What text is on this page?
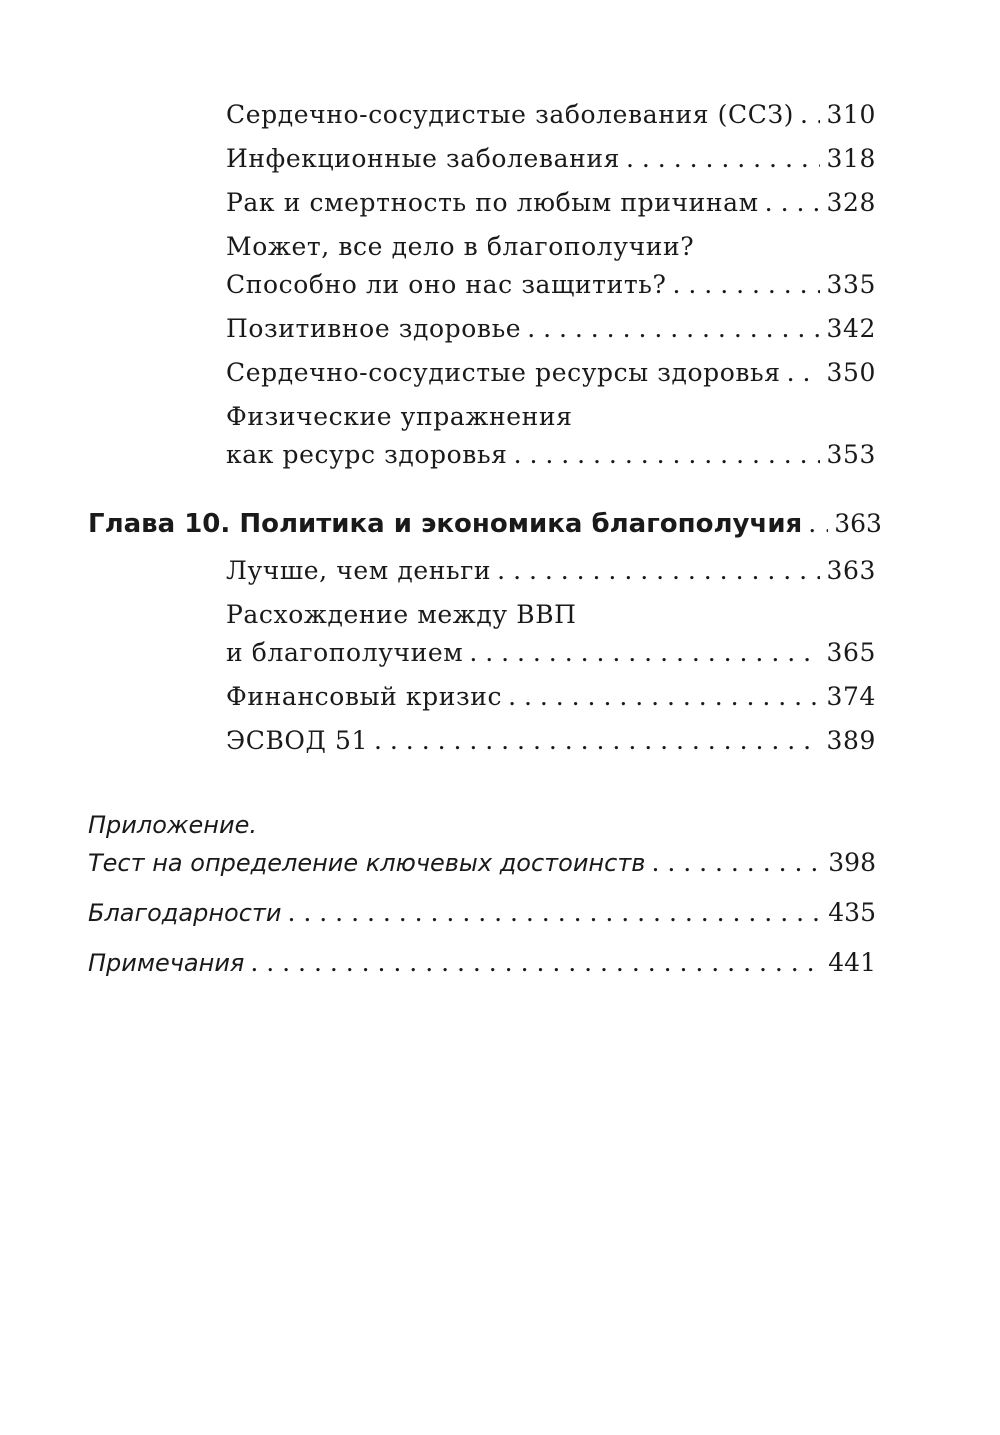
Сердечно-сосудистые заболевания (ССЗ) . . . 310
Инфекционные заболевания . . .	318
Рак и смертность по любым причинам . . .	328
Может, все дело в благополучии?
Способно ли оно нас защитить? . . .	335
Позитивное здоровье . . .	342
Сердечно-сосудистые ресурсы здоровья . . . 350
Физические упражнения
как ресурс здоровья . . .	353
Глава 10. Политика и экономика благополучия . . . 363
Лучше, чем деньги . . .	363
Расхождение между ВВП
и благополучием . . .	365
Финансовый кризис . . .	374
ЭСВОД 51 . . .	389
Приложение.
Тест на определение ключевых достоинств . . .	398
Благодарности . . .	435
Примечания . . .	441
